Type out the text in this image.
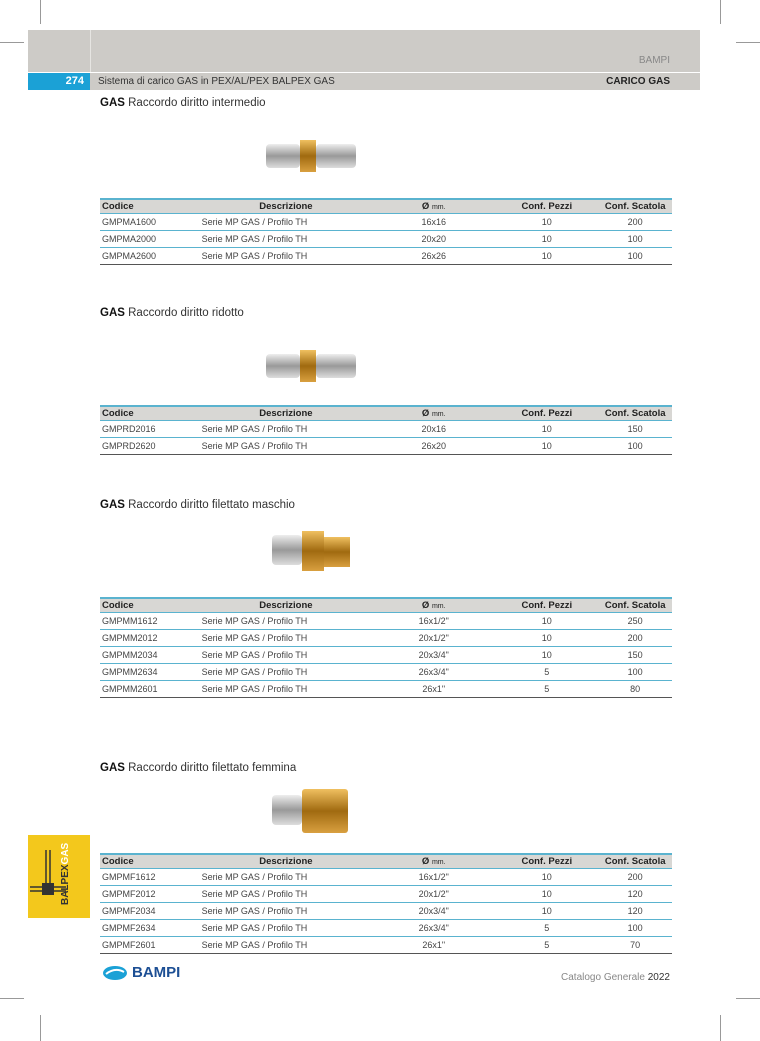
BAMPI
274	Sistema di carico GAS in PEX/AL/PEX BALPEX GAS	CARICO GAS
BALPEXGAS
BAMPI	Catalogo Generale 2022
GAS Raccordo diritto intermedio
Codice	Descrizione	Ø mm.	Conf. Pezzi	Conf. Scatola
GMPMA1600	Serie MP GAS / Profilo TH	16x16	10	200
GMPMA2000	Serie MP GAS / Profilo TH	20x20	10	100
GMPMA2600	Serie MP GAS / Profilo TH	26x26	10	100
GAS Raccordo diritto ridotto
Codice	Descrizione	Ø mm.	Conf. Pezzi	Conf. Scatola
GMPRD2016	Serie MP GAS / Profilo TH	20x16	10	150
GMPRD2620	Serie MP GAS / Profilo TH	26x20	10	100
GAS Raccordo diritto filettato maschio
Codice	Descrizione	Ø mm.	Conf. Pezzi	Conf. Scatola
GMPMM1612	Serie MP GAS / Profilo TH	16x1/2"	10	250
GMPMM2012	Serie MP GAS / Profilo TH	20x1/2"	10	200
GMPMM2034	Serie MP GAS / Profilo TH	20x3/4"	10	150
GMPMM2634	Serie MP GAS / Profilo TH	26x3/4"	5	100
GMPMM2601	Serie MP GAS / Profilo TH	26x1"	5	80
GAS Raccordo diritto filettato femmina
Codice	Descrizione	Ø mm.	Conf. Pezzi	Conf. Scatola
GMPMF1612	Serie MP GAS / Profilo TH	16x1/2"	10	200
GMPMF2012	Serie MP GAS / Profilo TH	20x1/2"	10	120
GMPMF2034	Serie MP GAS / Profilo TH	20x3/4"	10	120
GMPMF2634	Serie MP GAS / Profilo TH	26x3/4"	5	100
GMPMF2601	Serie MP GAS / Profilo TH	26x1"	5	70
